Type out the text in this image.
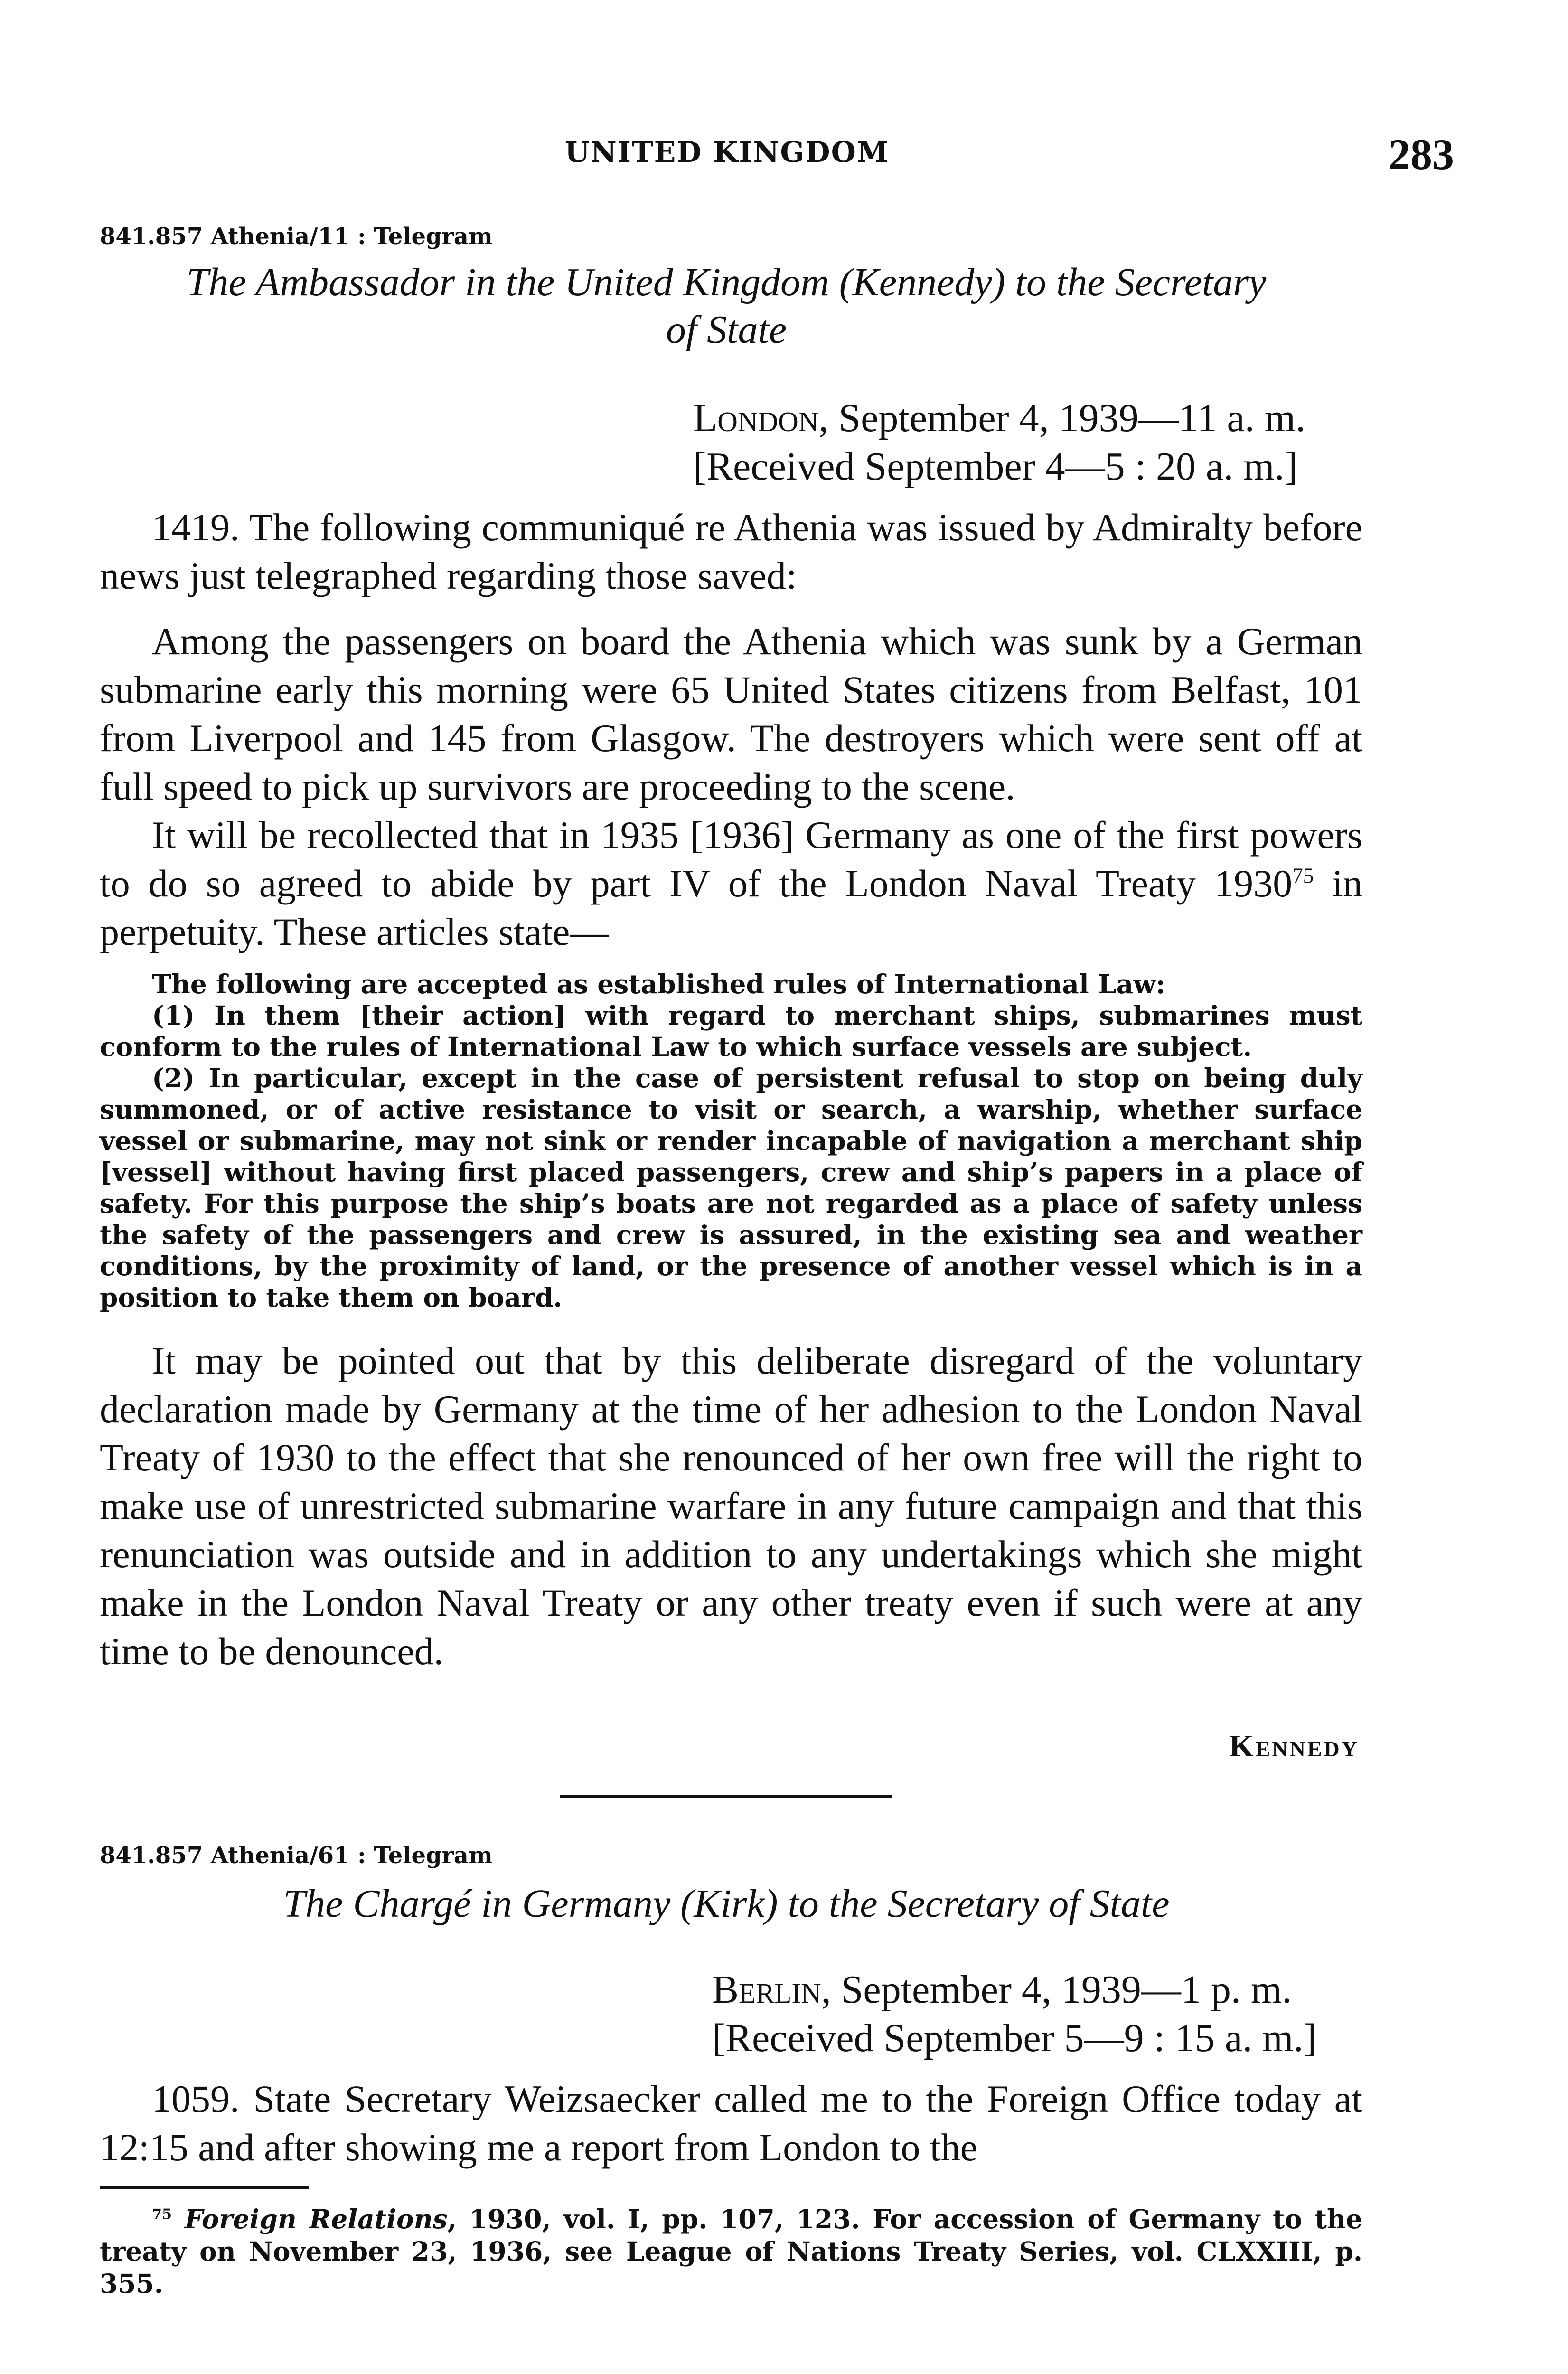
UNITED KINGDOM	283
841.857 Athenia/11 : Telegram
The Ambassador in the United Kingdom (Kennedy) to the Secretary
of State
London, September 4, 1939—11 a. m.
[Received September 4—5 : 20 a. m.]

1419. The following communiqué re Athenia was issued by Admiralty before news just telegraphed regarding those saved:

Among the passengers on board the Athenia which was sunk by a German submarine early this morning were 65 United States citizens from Belfast, 101 from Liverpool and 145 from Glasgow. The destroyers which were sent off at full speed to pick up survivors are proceeding to the scene.

It will be recollected that in 1935 [1936] Germany as one of the first powers to do so agreed to abide by part IV of the London Naval Treaty 1930$^{75}$ in perpetuity. These articles state—

The following are accepted as established rules of International Law:

(1) In them [their action] with regard to merchant ships, submarines must conform to the rules of International Law to which surface vessels are subject.

(2) In particular, except in the case of persistent refusal to stop on being duly summoned, or of active resistance to visit or search, a warship, whether surface vessel or submarine, may not sink or render incapable of navigation a merchant ship [vessel] without having first placed passengers, crew and ship’s papers in a place of safety. For this purpose the ship’s boats are not regarded as a place of safety unless the safety of the passengers and crew is assured, in the existing sea and weather conditions, by the proximity of land, or the presence of another vessel which is in a position to take them on board.

It may be pointed out that by this deliberate disregard of the voluntary declaration made by Germany at the time of her adhesion to the London Naval Treaty of 1930 to the effect that she renounced of her own free will the right to make use of unrestricted submarine warfare in any future campaign and that this renunciation was outside and in addition to any undertakings which she might make in the London Naval Treaty or any other treaty even if such were at any time to be denounced.

Kennedy
841.857 Athenia/61 : Telegram
The Chargé in Germany (Kirk) to the Secretary of State
Berlin, September 4, 1939—1 p. m.
[Received September 5—9 : 15 a. m.]

1059. State Secretary Weizsaecker called me to the Foreign Office today at 12:15 and after showing me a report from London to the

$^{75}$ Foreign Relations, 1930, vol. I, pp. 107, 123. For accession of Germany to the treaty on November 23, 1936, see League of Nations Treaty Series, vol. CLXXIII, p. 355.
